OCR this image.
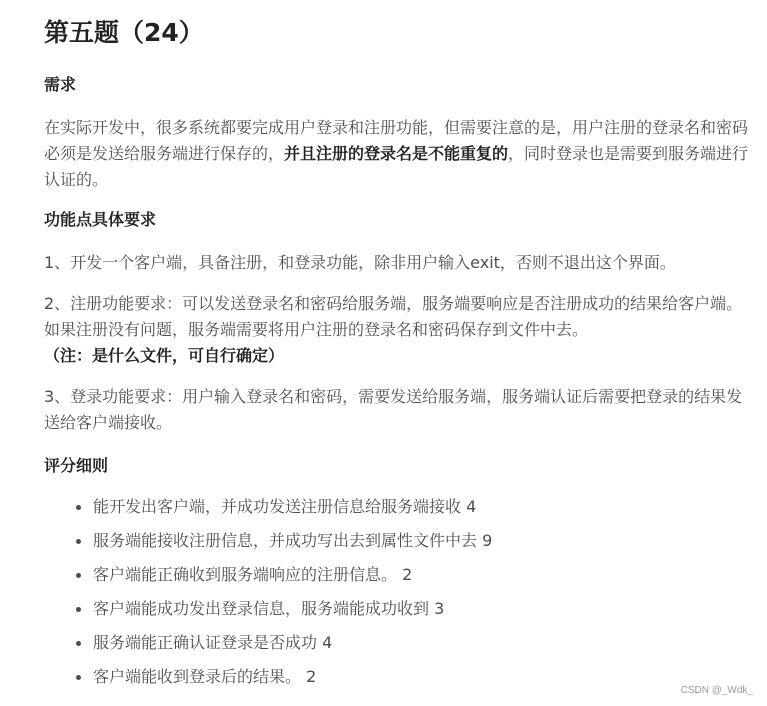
第五题（24）
需求

在实际开发中，很多系统都要完成用户登录和注册功能，但需要注意的是，用户注册的登录名和密码必须是发送给服务端进行保存的，并且注册的登录名是不能重复的，同时登录也是需要到服务端进行认证的。

功能点具体要求

1、开发一个客户端，具备注册，和登录功能，除非用户输入exit，否则不退出这个界面。

2、注册功能要求：可以发送登录名和密码给服务端，服务端要响应是否注册成功的结果给客户端。如果注册没有问题，服务端需要将用户注册的登录名和密码保存到文件中去。
（注：是什么文件，可自行确定）

3、登录功能要求：用户输入登录名和密码，需要发送给服务端，服务端认证后需要把登录的结果发送给客户端接收。

评分细则
能开发出客户端，并成功发送注册信息给服务端接收 4
服务端能接收注册信息，并成功写出去到属性文件中去 9
客户端能正确收到服务端响应的注册信息。 2
客户端能成功发出登录信息，服务端能成功收到 3
服务端能正确认证登录是否成功 4
客户端能收到登录后的结果。 2
CSDN @_Wdk_
